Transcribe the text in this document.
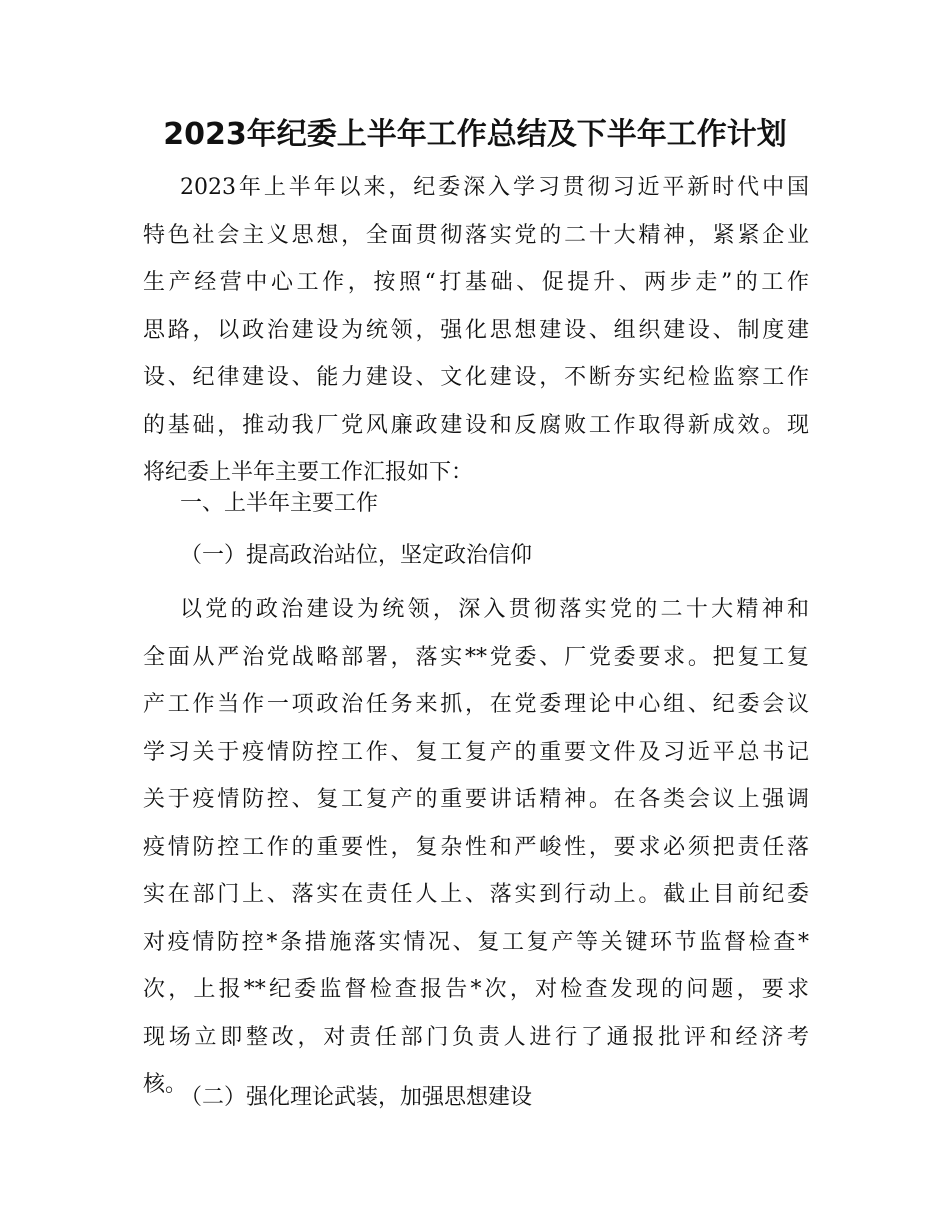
2023年纪委上半年工作总结及下半年工作计划
2023年上半年以来，纪委深入学习贯彻习近平新时代中国
特色社会主义思想，全面贯彻落实党的二十大精神，紧紧企业
生产经营中心工作，按照“打基础、促提升、两步走”的工作
思路，以政治建设为统领，强化思想建设、组织建设、制度建
设、纪律建设、能力建设、文化建设，不断夯实纪检监察工作
的基础，推动我厂党风廉政建设和反腐败工作取得新成效。现
将纪委上半年主要工作汇报如下：

一、上半年主要工作

（一）提高政治站位，坚定政治信仰

以党的政治建设为统领，深入贯彻落实党的二十大精神和
全面从严治党战略部署，落实**党委、厂党委要求。把复工复
产工作当作一项政治任务来抓，在党委理论中心组、纪委会议
学习关于疫情防控工作、复工复产的重要文件及习近平总书记
关于疫情防控、复工复产的重要讲话精神。在各类会议上强调
疫情防控工作的重要性，复杂性和严峻性，要求必须把责任落
实在部门上、落实在责任人上、落实到行动上。截止目前纪委
对疫情防控*条措施落实情况、复工复产等关键环节监督检查*
次，上报**纪委监督检查报告*次，对检查发现的问题，要求
现场立即整改，对责任部门负责人进行了通报批评和经济考
核。

（二）强化理论武装，加强思想建设
